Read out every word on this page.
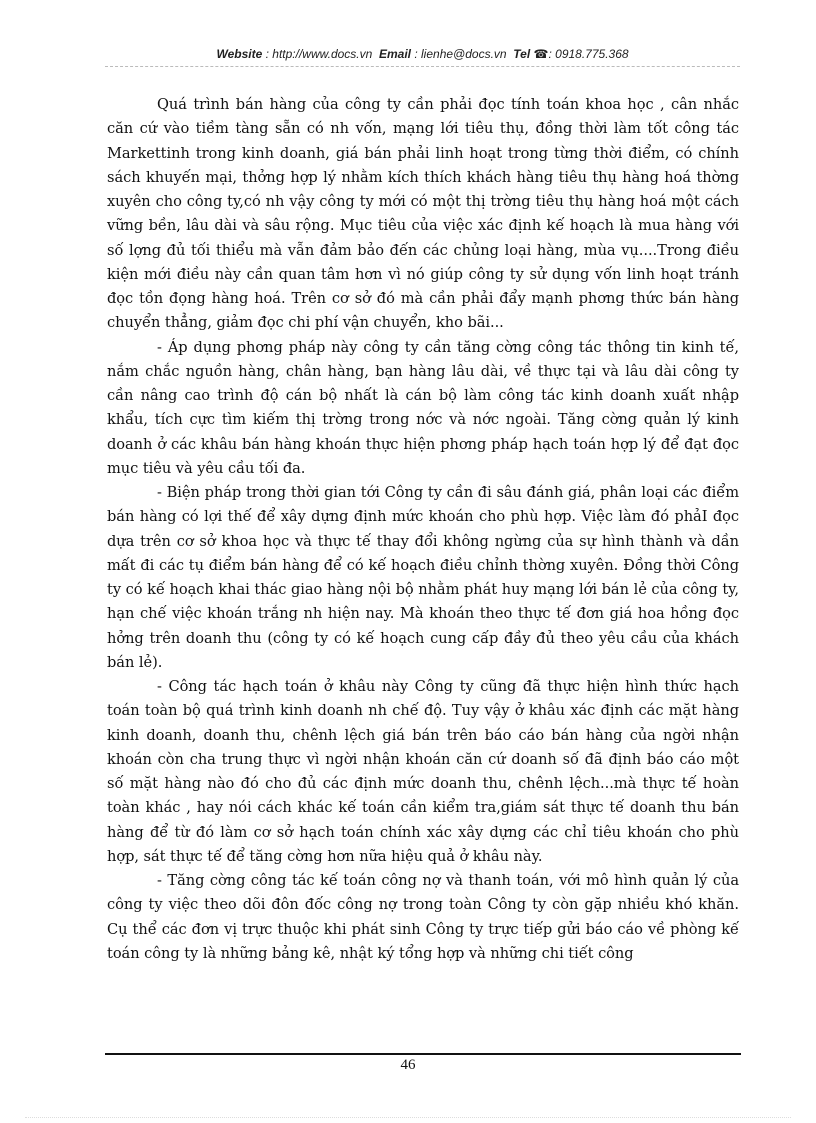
Website : http://www.docs.vn Email : lienhe@docs.vn Tel ☎: 0918.775.368

Quá trình bán hàng của công ty cần phải đọc tính toán khoa học , cân nhắc căn cứ vào tiềm tàng sẵn có nh vốn, mạng lới tiêu thụ, đồng thời làm tốt công tác Markettinh trong kinh doanh, giá bán phải linh hoạt trong từng thời điểm, có chính sách khuyến mại, thởng hợp lý nhằm kích thích khách hàng tiêu thụ hàng hoá thờng xuyên cho công ty,có nh vậy công ty mới có một thị trờng tiêu thụ hàng hoá một cách vững bền, lâu dài và sâu rộng. Mục tiêu của việc xác định kế hoạch là mua hàng với số lợng đủ tối thiểu mà vẫn đảm bảo đến các chủng loại hàng, mùa vụ....Trong điều kiện mới điều này cần quan tâm hơn vì nó giúp công ty sử dụng vốn linh hoạt tránh đọc tồn đọng hàng hoá. Trên cơ sở đó mà cần phải đẩy mạnh phơng thức bán hàng chuyển thẳng, giảm đọc chi phí vận chuyển, kho bãi...

- Áp dụng phơng pháp này công ty cần tăng cờng công tác thông tin kinh tế, nắm chắc nguồn hàng, chân hàng, bạn hàng lâu dài, về thực tại và lâu dài công ty cần nâng cao trình độ cán bộ nhất là cán bộ làm công tác kinh doanh xuất nhập khẩu, tích cực tìm kiếm thị trờng trong nớc và nớc ngoài. Tăng cờng quản lý kinh doanh ở các khâu bán hàng khoán thực hiện phơng pháp hạch toán hợp lý để đạt đọc mục tiêu và yêu cầu tối đa.

- Biện pháp trong thời gian tới Công ty cần đi sâu đánh giá, phân loại các điểm bán hàng có lợi thế để xây dựng định mức khoán cho phù hợp. Việc làm đó phảI đọc dựa trên cơ sở khoa học và thực tế thay đổi không ngừng của sự hình thành và dần mất đi các tụ điểm bán hàng để có kế hoạch điều chỉnh thờng xuyên. Đồng thời Công ty có kế hoạch khai thác giao hàng nội bộ nhằm phát huy mạng lới bán lẻ của công ty, hạn chế việc khoán trắng nh hiện nay. Mà khoán theo thực tế đơn giá hoa hồng đọc hởng trên doanh thu (công ty có kế hoạch cung cấp đầy đủ theo yêu cầu của khách bán lẻ).

- Công tác hạch toán ở khâu này Công ty cũng đã thực hiện hình thức hạch toán toàn bộ quá trình kinh doanh nh chế độ. Tuy vậy ở khâu xác định các mặt hàng kinh doanh, doanh thu, chênh lệch giá bán trên báo cáo bán hàng của ngời nhận khoán còn cha trung thực vì ngời nhận khoán căn cứ doanh số đã định báo cáo một số mặt hàng nào đó cho đủ các định mức doanh thu, chênh lệch...mà thực tế hoàn toàn khác , hay nói cách khác kế toán cần kiểm tra,giám sát thực tế doanh thu bán hàng để từ đó làm cơ sở hạch toán chính xác xây dựng các chỉ tiêu khoán cho phù hợp, sát thực tế để tăng cờng hơn nữa hiệu quả ở khâu này.

- Tăng cờng công tác kế toán công nợ và thanh toán, với mô hình quản lý của công ty việc theo dõi đôn đốc công nợ trong toàn Công ty còn gặp nhiều khó khăn. Cụ thể các đơn vị trực thuộc khi phát sinh Công ty trực tiếp gửi báo cáo về phòng kế toán công ty là những bảng kê, nhật ký tổng hợp và những chi tiết công

46
